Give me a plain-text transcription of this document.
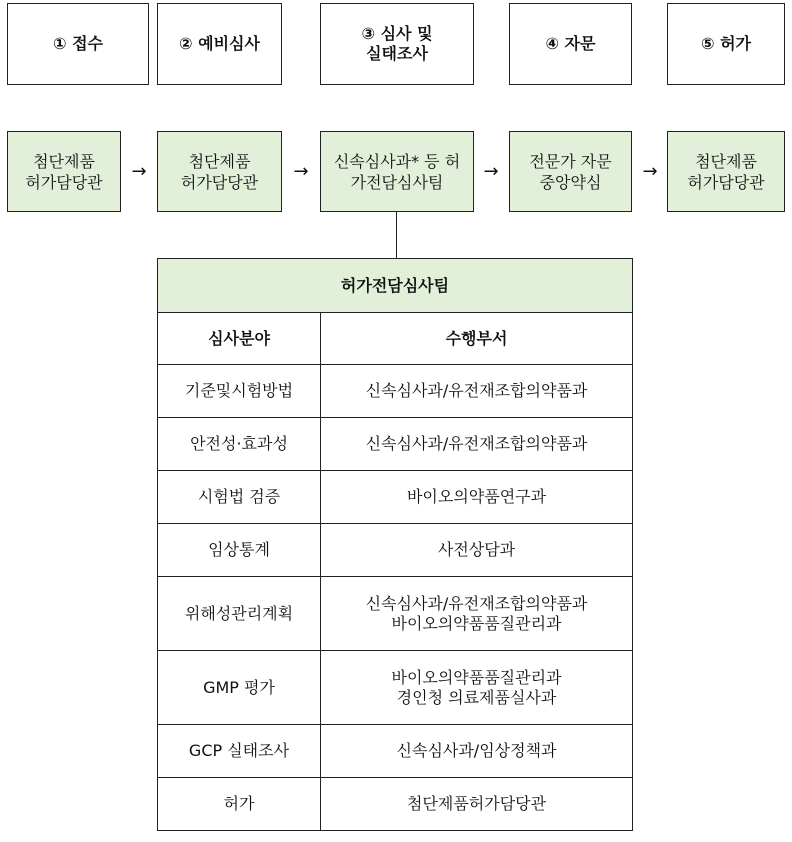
① 접수	② 예비심사
③ 심사 및
실태조사
④ 자문	⑤ 허가
첨단제품
허가담당관
첨단제품
허가담당관
신속심사과* 등 허
가전담심사팀
전문가 자문
중앙약심
첨단제품
허가담당관
→	→	→	→
허가전담심사팀	
심사분야	수행부서
기준및시험방법	신속심사과/유전재조합의약품과

안전성·효과성	신속심사과/유전재조합의약품과

시험법 검증	바이오의약품연구과

임상통계	사전상담과

위해성관리계획	신속심사과/유전재조합의약품과
바이오의약품품질관리과

GMP 평가	바이오의약품품질관리과
경인청 의료제품실사과

GCP 실태조사	신속심사과/임상정책과

허가	첨단제품허가담당관
